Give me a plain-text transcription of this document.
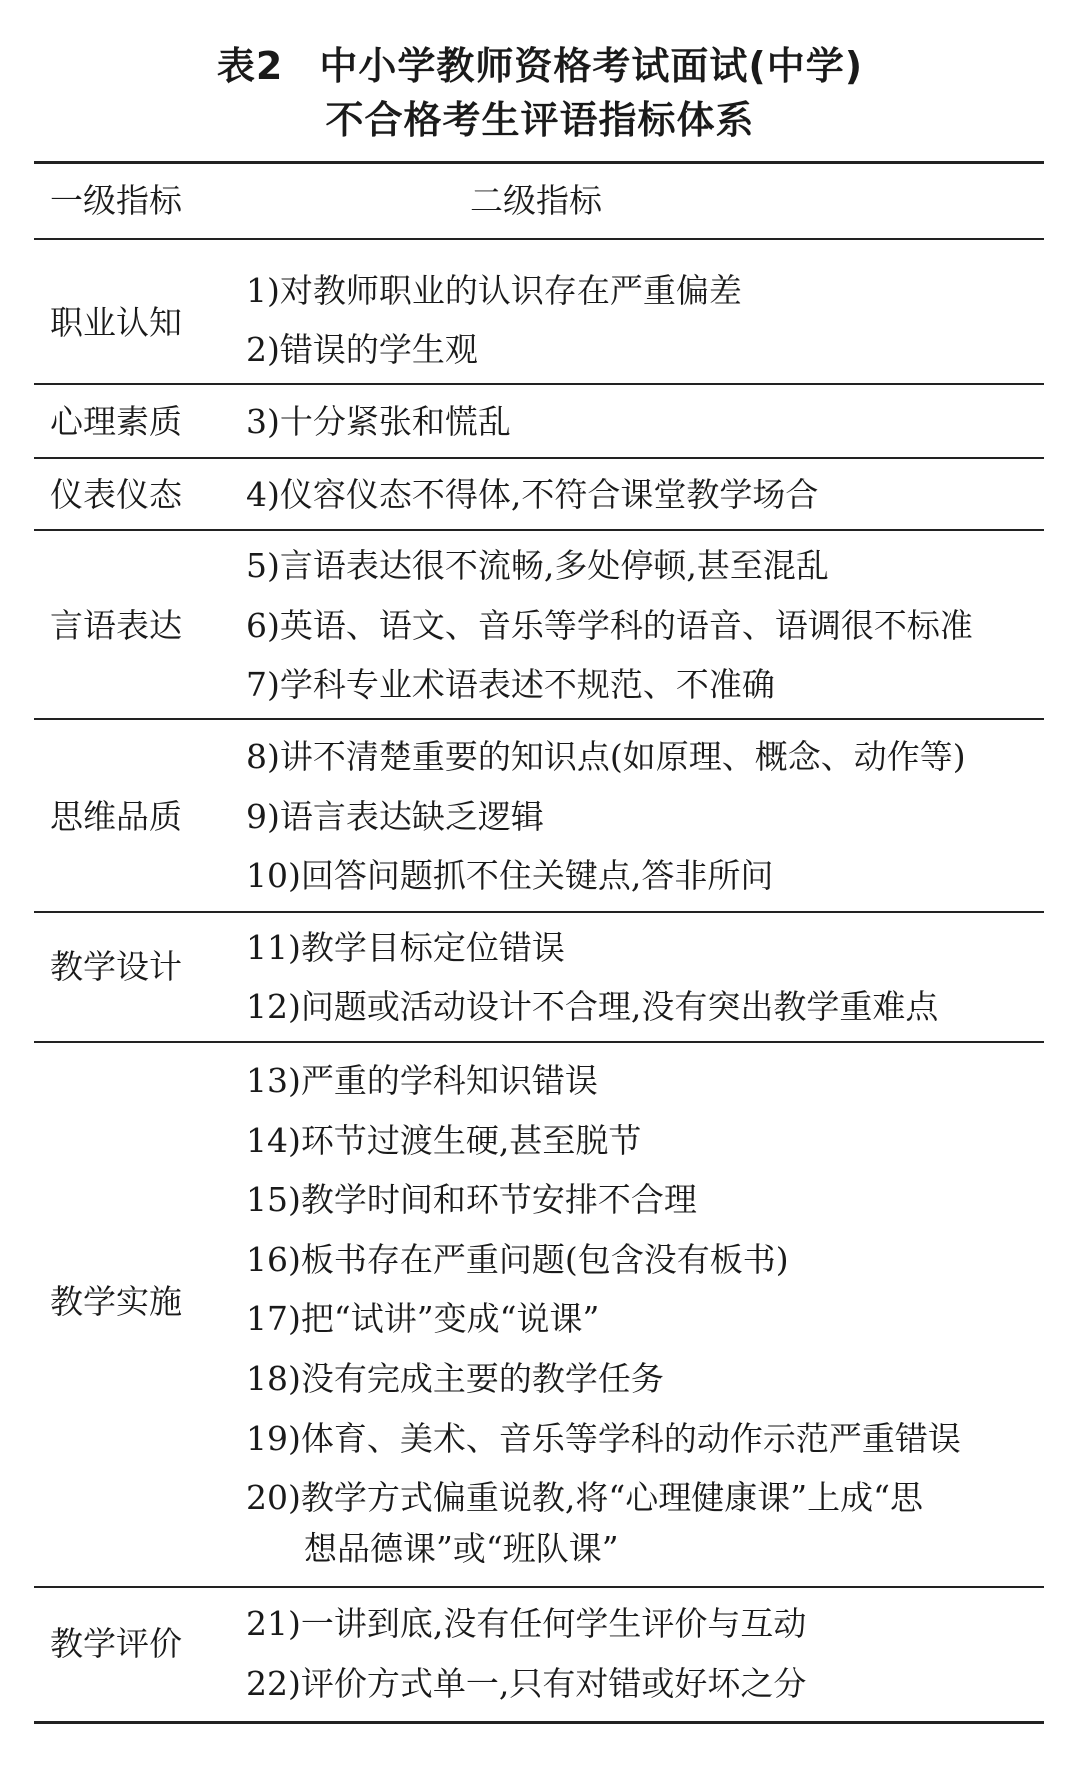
表2 中小学教师资格考试面试(中学)
不合格考生评语指标体系
一级指标	二级指标
职业认知
1)对教师职业的认识存在严重偏差
2)错误的学生观
心理素质 3)十分紧张和慌乱
仪表仪态 4)仪容仪态不得体,不符合课堂教学场合
言语表达
5)言语表达很不流畅,多处停顿,甚至混乱
6)英语、语文、音乐等学科的语音、语调很不标准
7)学科专业术语表述不规范、不准确
思维品质
8)讲不清楚重要的知识点(如原理、概念、动作等)
9)语言表达缺乏逻辑
10)回答问题抓不住关键点,答非所问
教学设计 11)教学目标定位错误
12)问题或活动设计不合理,没有突出教学重难点
教学实施
13)严重的学科知识错误
14)环节过渡生硬,甚至脱节
15)教学时间和环节安排不合理
16)板书存在严重问题(包含没有板书)
17)把“试讲”变成“说课”
18)没有完成主要的教学任务
19)体育、美术、音乐等学科的动作示范严重错误
20)教学方式偏重说教,将“心理健康课”上成“思
想品德课”或“班队课”
教学评价
21)一讲到底,没有任何学生评价与互动
22)评价方式单一,只有对错或好坏之分
